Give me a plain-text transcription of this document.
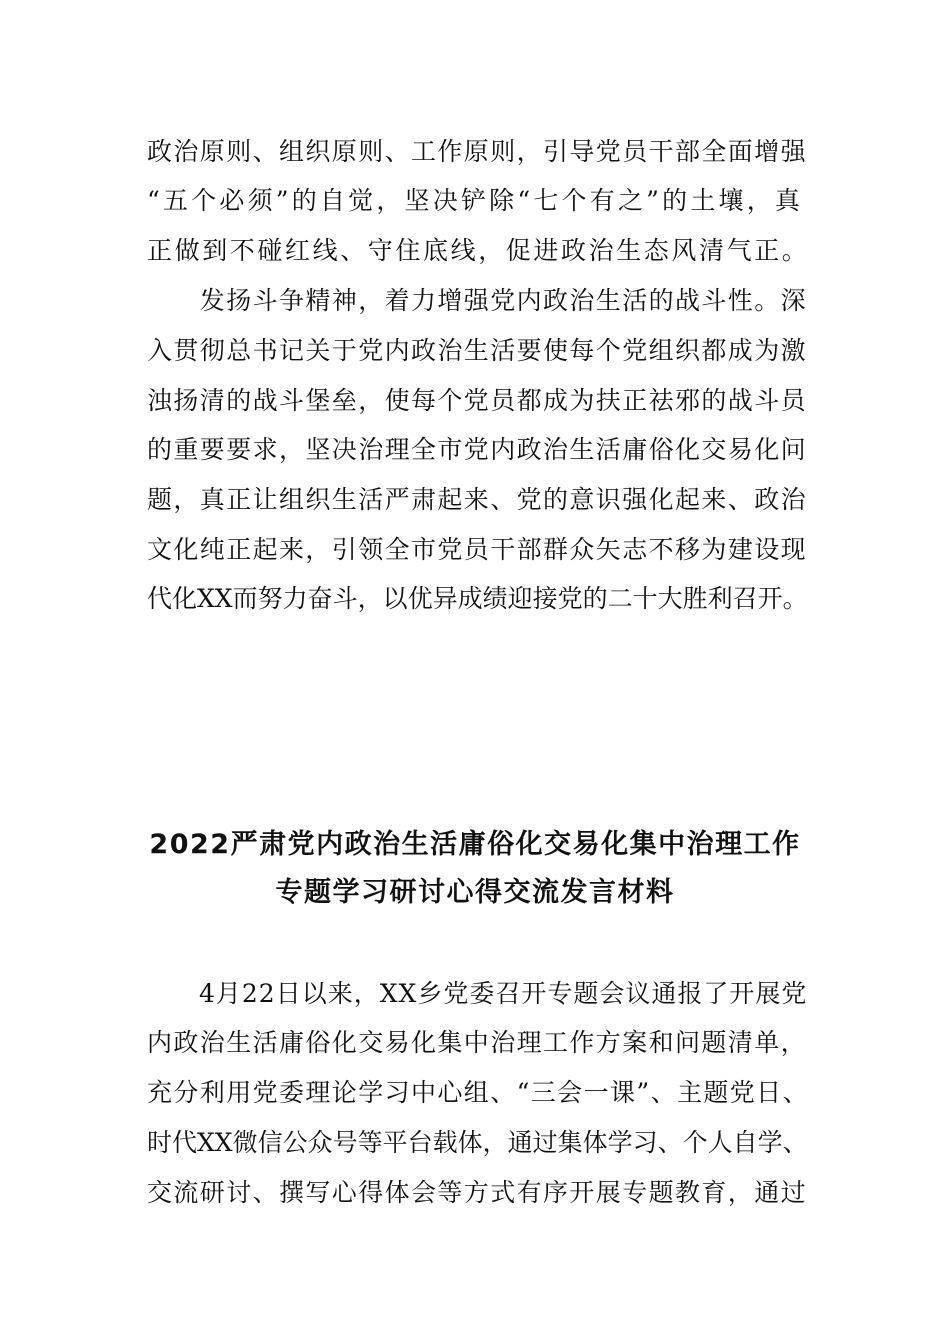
政治原则、组织原则、工作原则，引导党员干部全面增强
“五个必须”的自觉，坚决铲除“七个有之”的土壤，真
正做到不碰红线、守住底线，促进政治生态风清气正。
　　发扬斗争精神，着力增强党内政治生活的战斗性。深
入贯彻总书记关于党内政治生活要使每个党组织都成为激
浊扬清的战斗堡垒，使每个党员都成为扶正祛邪的战斗员
的重要要求，坚决治理全市党内政治生活庸俗化交易化问
题，真正让组织生活严肃起来、党的意识强化起来、政治
文化纯正起来，引领全市党员干部群众矢志不移为建设现
代化XX而努力奋斗，以优异成绩迎接党的二十大胜利召开。
2022严肃党内政治生活庸俗化交易化集中治理工作
专题学习研讨心得交流发言材料
　　4月22日以来，XX乡党委召开专题会议通报了开展党
内政治生活庸俗化交易化集中治理工作方案和问题清单，
充分利用党委理论学习中心组、“三会一课”、主题党日、
时代XX微信公众号等平台载体，通过集体学习、个人自学、
交流研讨、撰写心得体会等方式有序开展专题教育，通过
